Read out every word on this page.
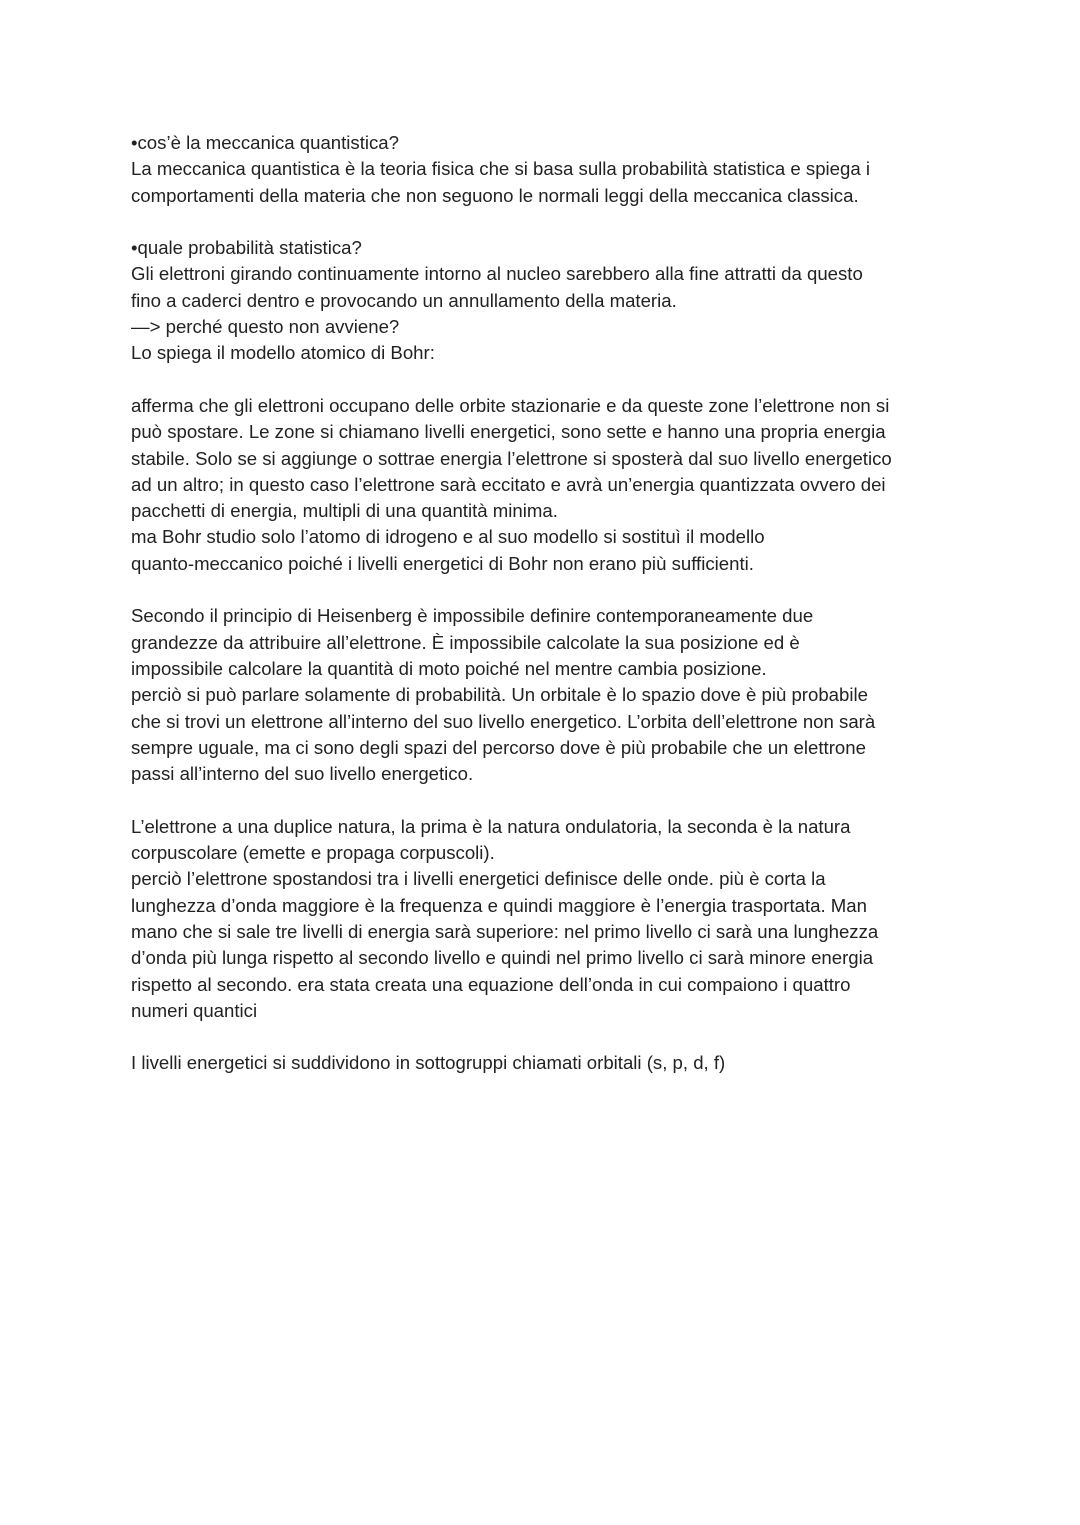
•cos’è la meccanica quantistica?
La meccanica quantistica è la teoria fisica che si basa sulla probabilità statistica e spiega i
comportamenti della materia che non seguono le normali leggi della meccanica classica.
•quale probabilità statistica?
Gli elettroni girando continuamente intorno al nucleo sarebbero alla fine attratti da questo
fino a caderci dentro e provocando un annullamento della materia.
—> perché questo non avviene?
Lo spiega il modello atomico di Bohr:
afferma che gli elettroni occupano delle orbite stazionarie e da queste zone l’elettrone non si
può spostare. Le zone si chiamano livelli energetici, sono sette e hanno una propria energia
stabile. Solo se si aggiunge o sottrae energia l’elettrone si sposterà dal suo livello energetico
ad un altro; in questo caso l’elettrone sarà eccitato e avrà un’energia quantizzata ovvero dei
pacchetti di energia, multipli di una quantità minima.
ma Bohr studio solo l’atomo di idrogeno e al suo modello si sostituì il modello
quanto-meccanico poiché i livelli energetici di Bohr non erano più sufficienti.
Secondo il principio di Heisenberg è impossibile definire contemporaneamente due
grandezze da attribuire all’elettrone. È impossibile calcolate la sua posizione ed è
impossibile calcolare la quantità di moto poiché nel mentre cambia posizione.
perciò si può parlare solamente di probabilità. Un orbitale è lo spazio dove è più probabile
che si trovi un elettrone all’interno del suo livello energetico. L’orbita dell’elettrone non sarà
sempre uguale, ma ci sono degli spazi del percorso dove è più probabile che un elettrone
passi all’interno del suo livello energetico.
L’elettrone a una duplice natura, la prima è la natura ondulatoria, la seconda è la natura
corpuscolare (emette e propaga corpuscoli).
perciò l’elettrone spostandosi tra i livelli energetici definisce delle onde. più è corta la
lunghezza d’onda maggiore è la frequenza e quindi maggiore è l’energia trasportata. Man
mano che si sale tre livelli di energia sarà superiore: nel primo livello ci sarà una lunghezza
d’onda più lunga rispetto al secondo livello e quindi nel primo livello ci sarà minore energia
rispetto al secondo. era stata creata una equazione dell’onda in cui compaiono i quattro
numeri quantici
I livelli energetici si suddividono in sottogruppi chiamati orbitali (s, p, d, f)
